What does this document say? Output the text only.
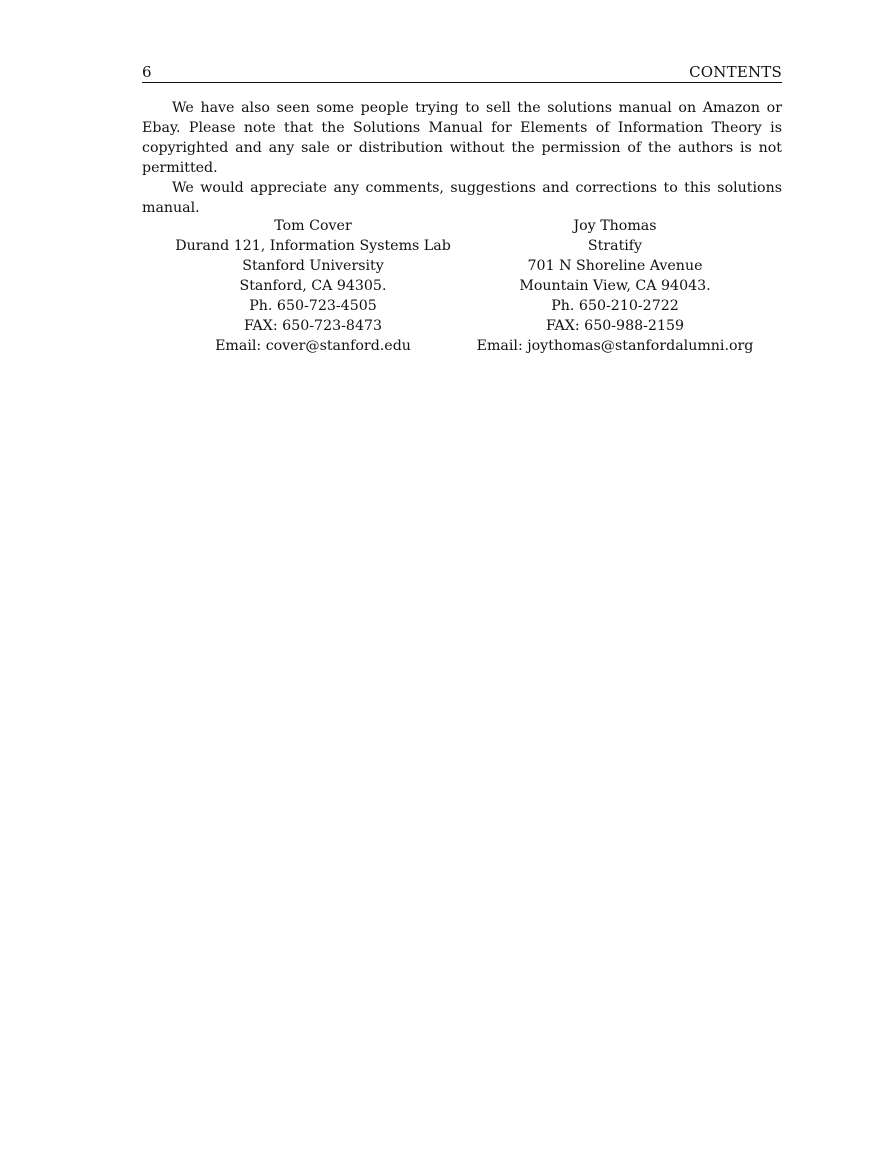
6	CONTENTS

We have also seen some people trying to sell the solutions manual on Amazon or Ebay. Please note that the Solutions Manual for Elements of Information Theory is copyrighted and any sale or distribution without the permission of the authors is not permitted.

We would appreciate any comments, suggestions and corrections to this solutions manual.

Tom Cover
Durand 121, Information Systems Lab
Stanford University
Stanford, CA 94305.
Ph. 650-723-4505
FAX: 650-723-8473
Email: cover@stanford.edu
Joy Thomas
Stratify
701 N Shoreline Avenue
Mountain View, CA 94043.
Ph. 650-210-2722
FAX: 650-988-2159
Email: joythomas@stanfordalumni.org
